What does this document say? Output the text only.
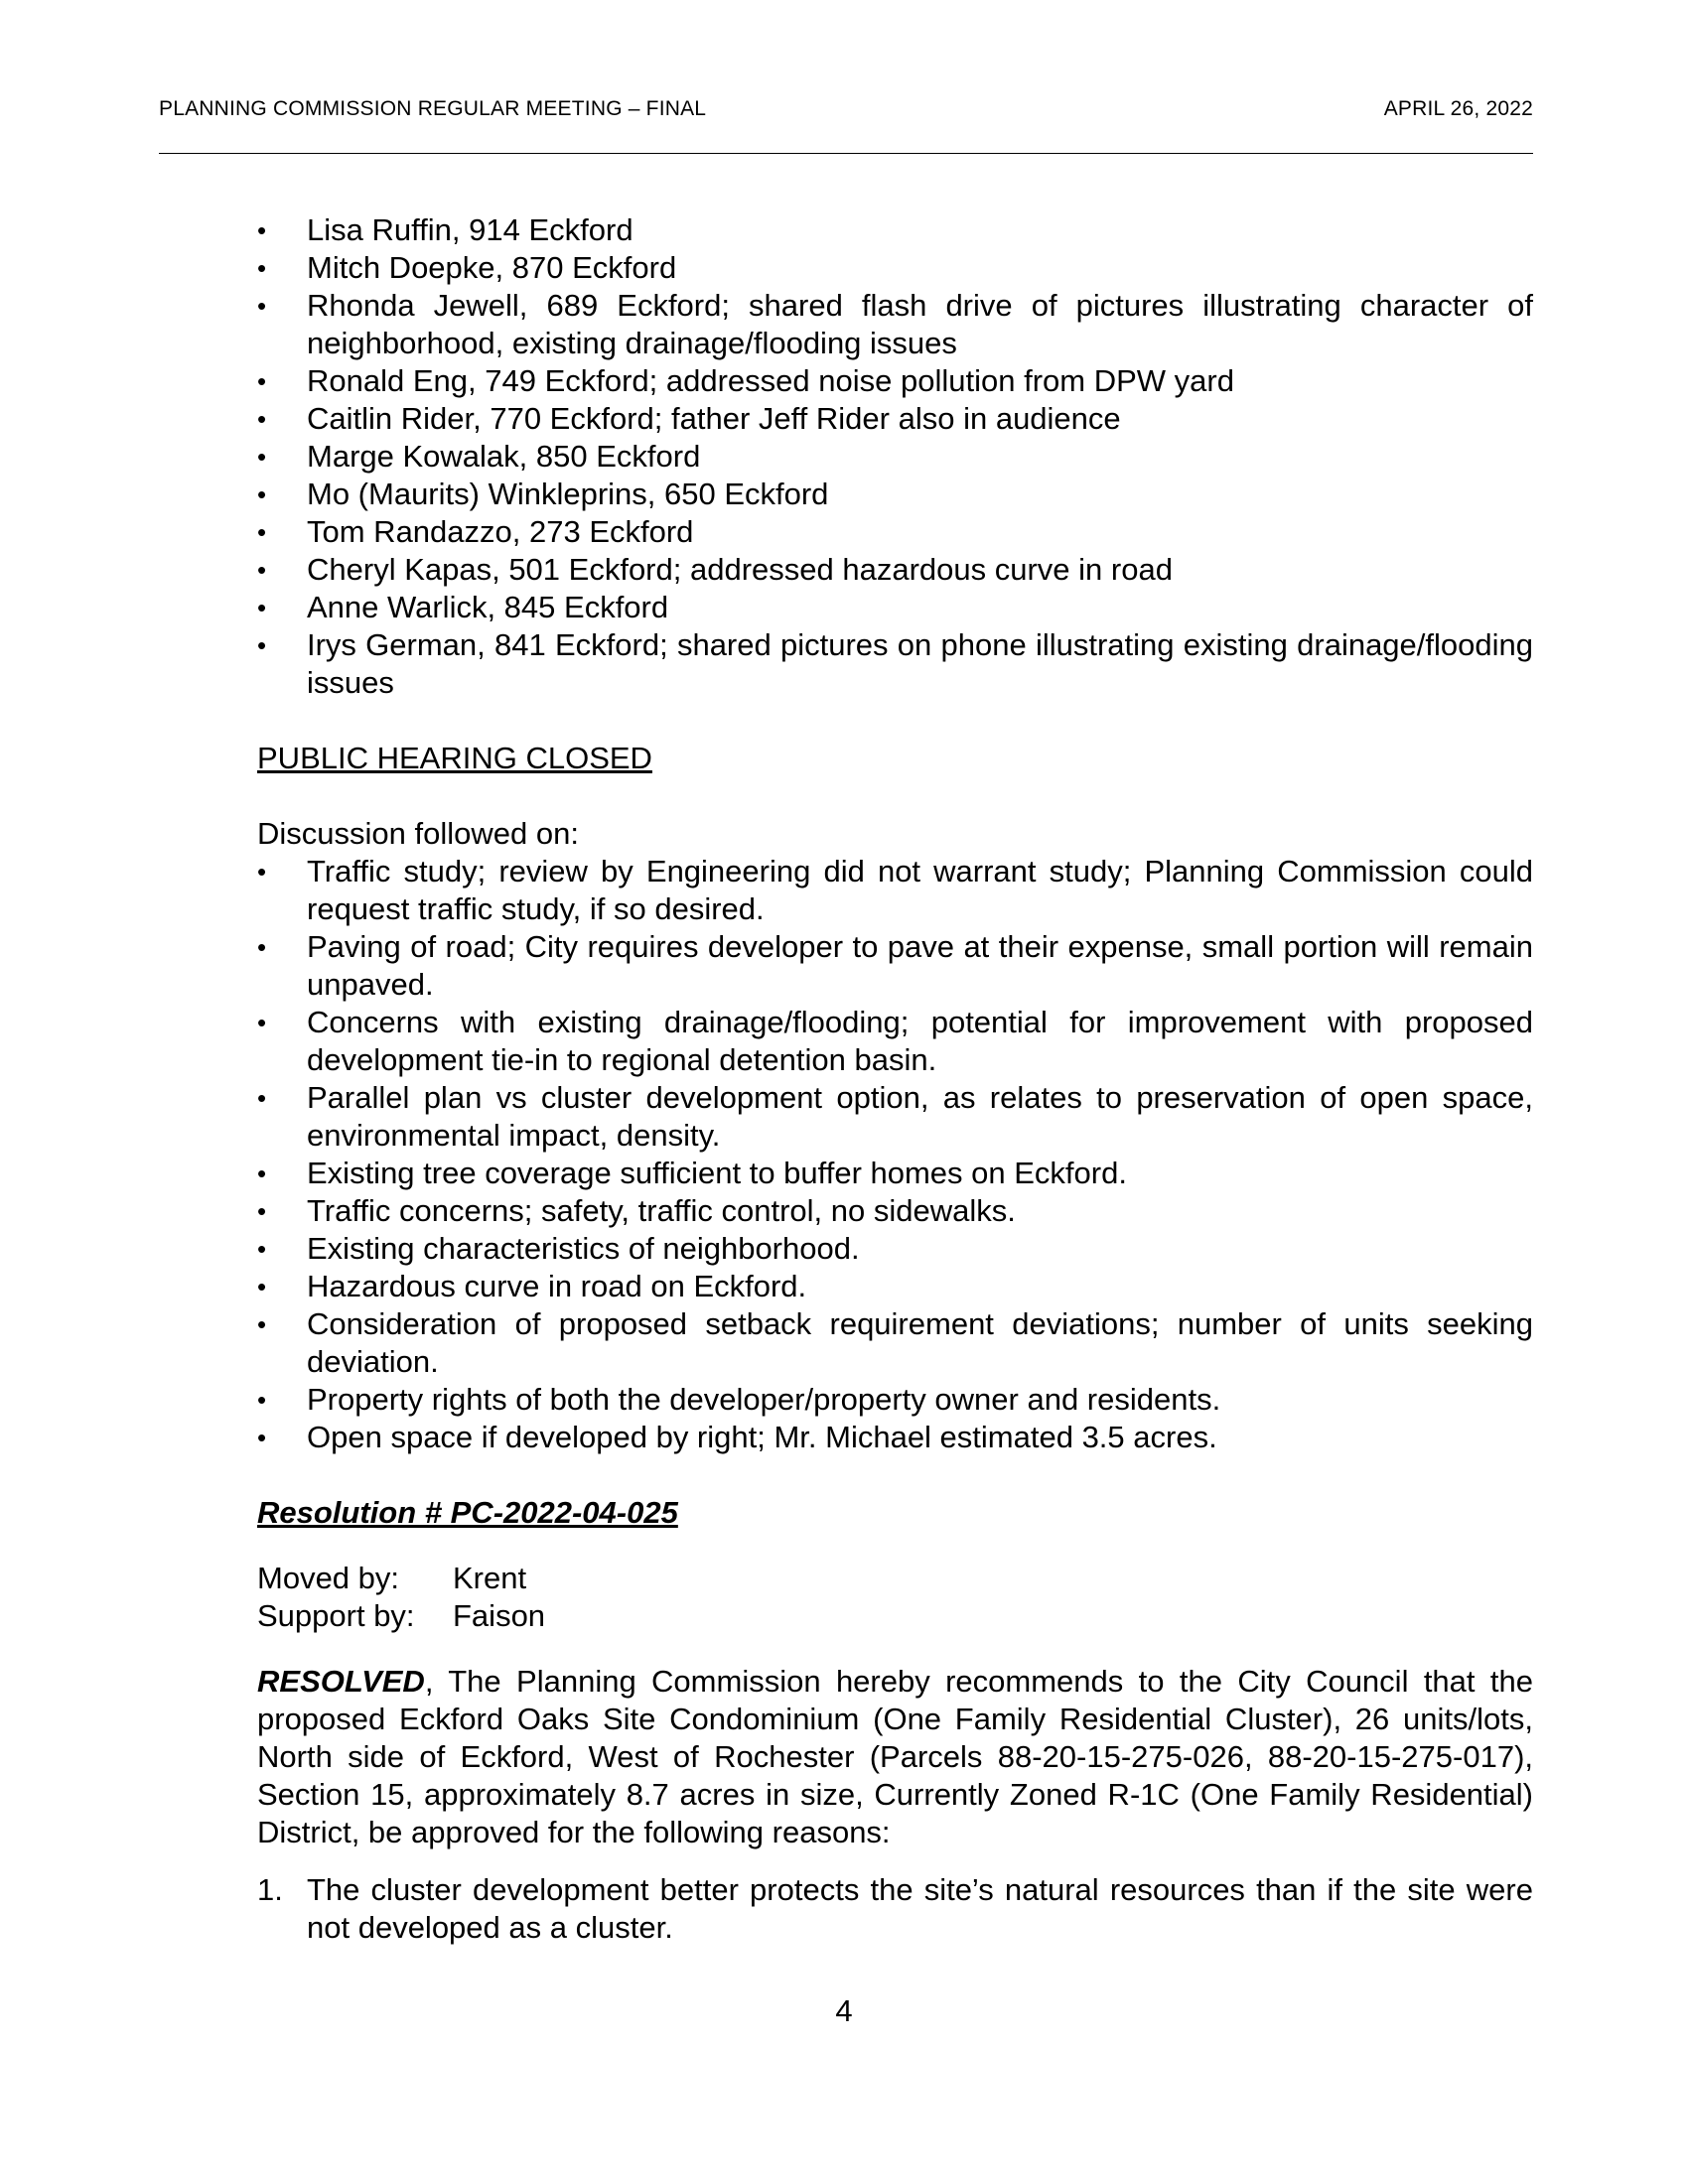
PLANNING COMMISSION REGULAR MEETING – FINAL	APRIL 26, 2022
• Lisa Ruffin, 914 Eckford
• Mitch Doepke, 870 Eckford
• Rhonda Jewell, 689 Eckford; shared flash drive of pictures illustrating character of neighborhood, existing drainage/flooding issues
• Ronald Eng, 749 Eckford; addressed noise pollution from DPW yard
• Caitlin Rider, 770 Eckford; father Jeff Rider also in audience
• Marge Kowalak, 850 Eckford
• Mo (Maurits) Winkleprins, 650 Eckford
• Tom Randazzo, 273 Eckford
• Cheryl Kapas, 501 Eckford; addressed hazardous curve in road
• Anne Warlick, 845 Eckford
• Irys German, 841 Eckford; shared pictures on phone illustrating existing drainage/flooding issues
PUBLIC HEARING CLOSED
Discussion followed on:
• Traffic study; review by Engineering did not warrant study; Planning Commission could request traffic study, if so desired.
• Paving of road; City requires developer to pave at their expense, small portion will remain unpaved.
• Concerns with existing drainage/flooding; potential for improvement with proposed development tie-in to regional detention basin.
• Parallel plan vs cluster development option, as relates to preservation of open space, environmental impact, density.
• Existing tree coverage sufficient to buffer homes on Eckford.
• Traffic concerns; safety, traffic control, no sidewalks.
• Existing characteristics of neighborhood.
• Hazardous curve in road on Eckford.
• Consideration of proposed setback requirement deviations; number of units seeking deviation.
• Property rights of both the developer/property owner and residents.
• Open space if developed by right; Mr. Michael estimated 3.5 acres.
Resolution # PC-2022-04-025
Moved by:	Krent
Support by:	Faison
RESOLVED, The Planning Commission hereby recommends to the City Council that the proposed Eckford Oaks Site Condominium (One Family Residential Cluster), 26 units/lots, North side of Eckford, West of Rochester (Parcels 88-20-15-275-026, 88-20-15-275-017), Section 15, approximately 8.7 acres in size, Currently Zoned R-1C (One Family Residential) District, be approved for the following reasons:
1. The cluster development better protects the site’s natural resources than if the site were not developed as a cluster.
4
